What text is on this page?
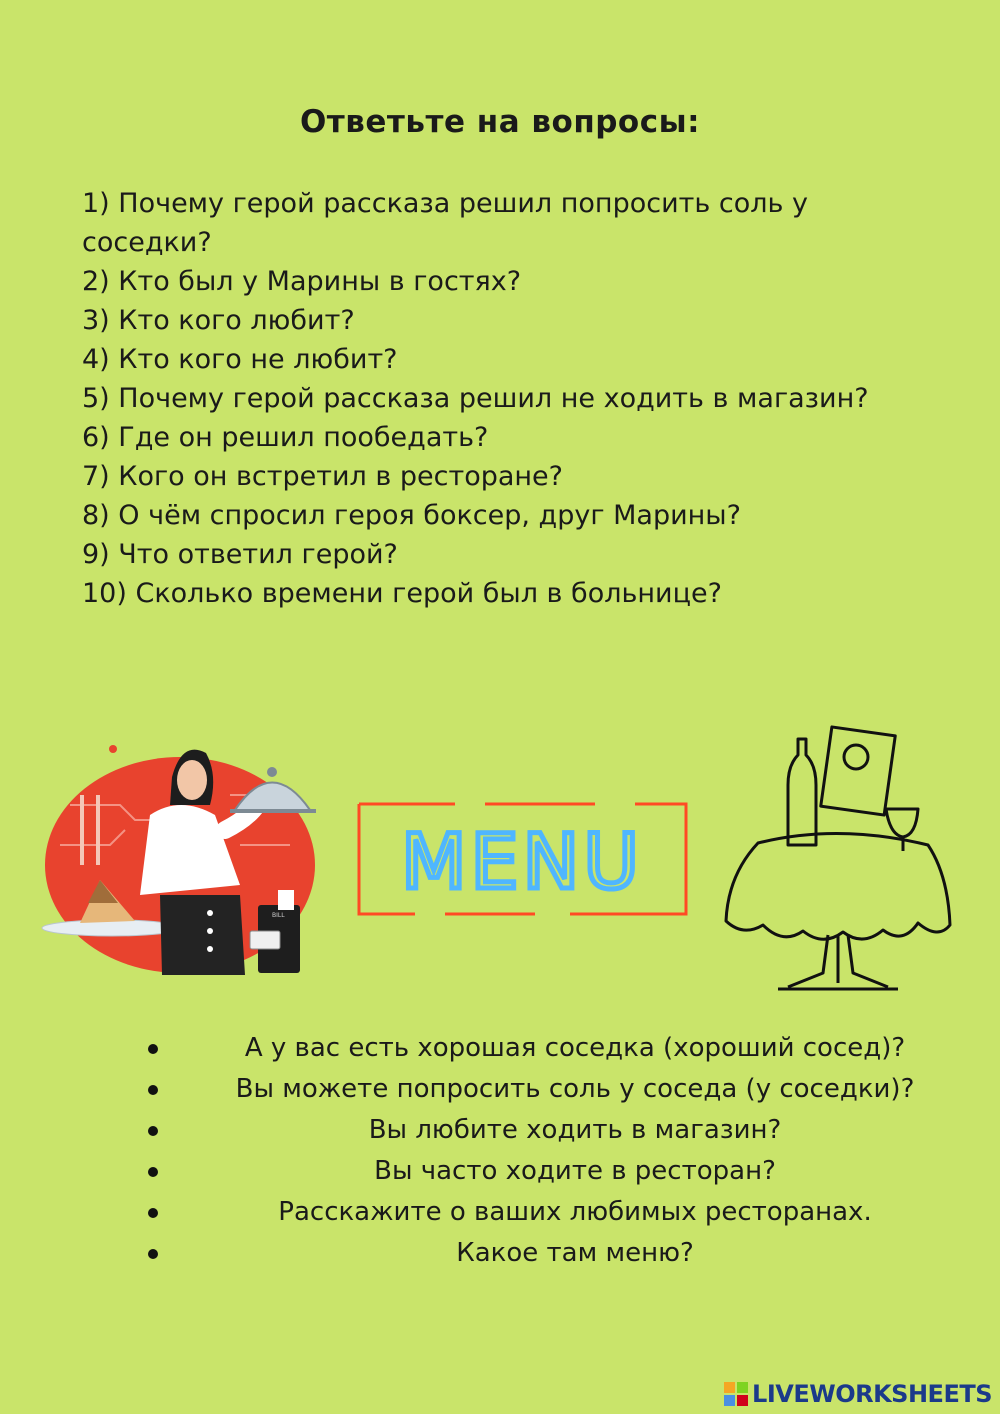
Ответьте на вопросы:
1) Почему герой рассказа решил попросить соль у соседки?
2) Кто был у Марины в гостях?
3) Кто кого любит?
4) Кто кого не любит?
5) Почему герой рассказа решил не ходить в магазин?
6) Где он решил пообедать?
7) Кого он встретил в ресторане?
8) О чём спросил героя боксер, друг Марины?
9) Что ответил герой?
10) Сколько времени герой был в больнице?
BILL
MENU
А у вас есть хорошая соседка (хороший сосед)?
Вы можете попросить соль у соседа (у соседки)?
Вы любите ходить в магазин?
Вы часто ходите в ресторан?
Расскажите о ваших любимых ресторанах.
Какое там меню?
LIVEWORKSHEETS
